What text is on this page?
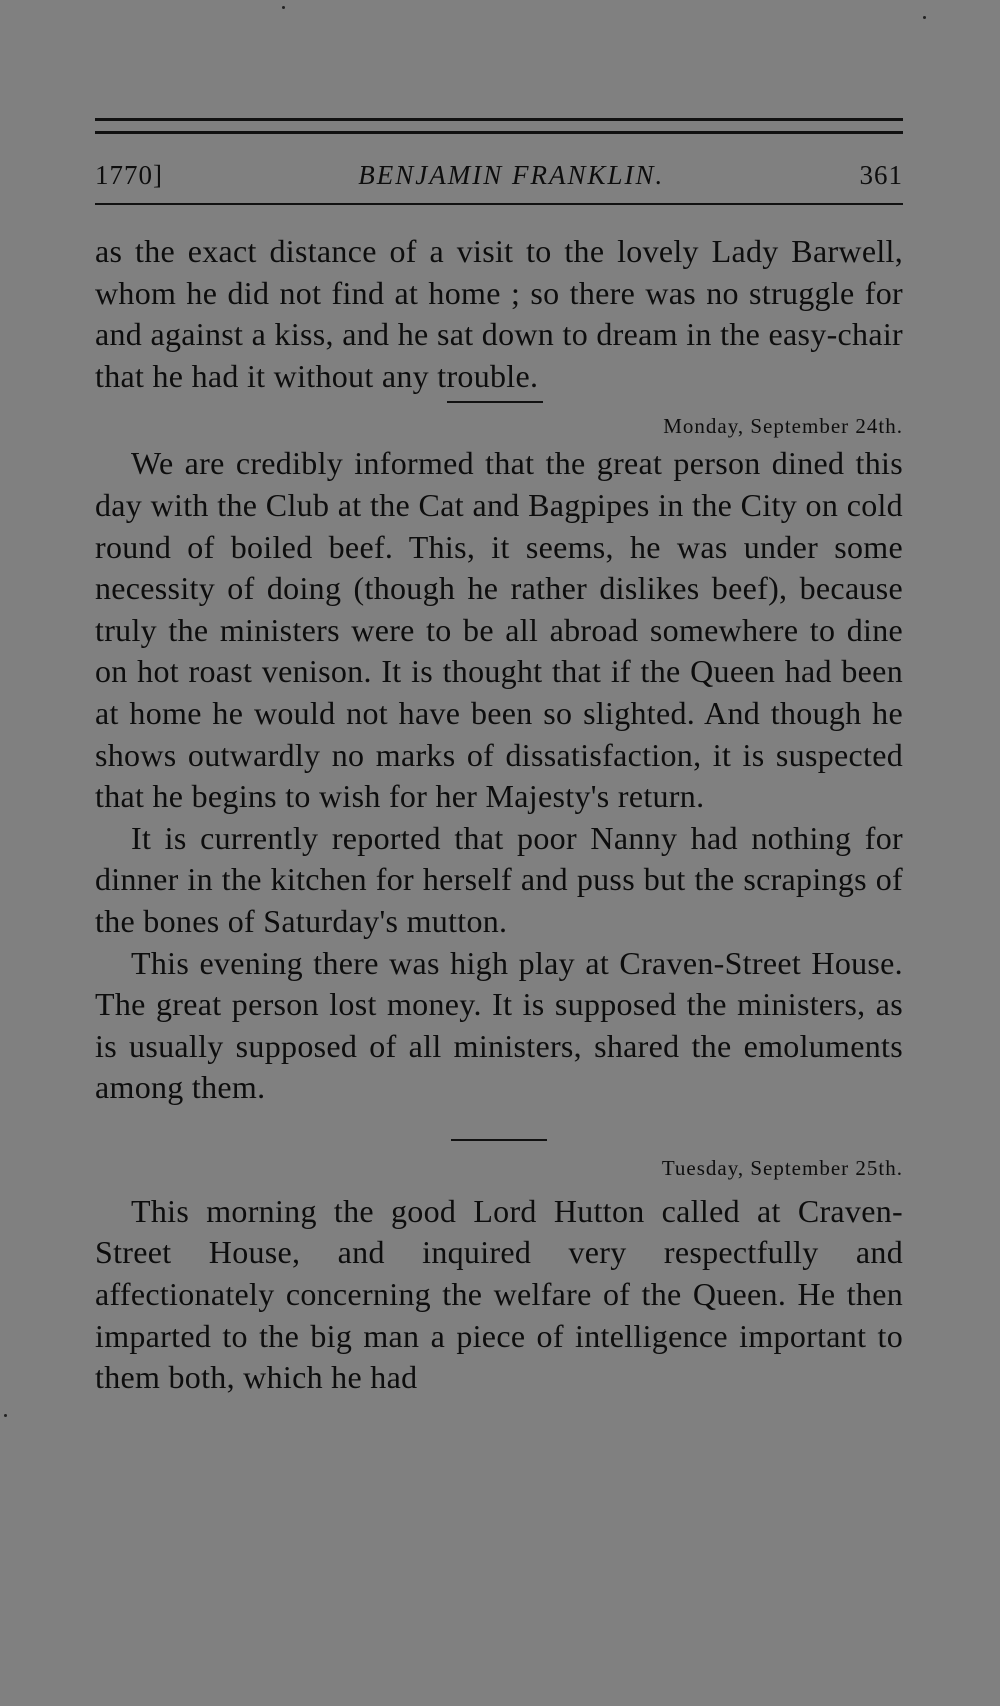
1770]	BENJAMIN FRANKLIN.	361

as the exact distance of a visit to the lovely Lady Barwell, whom he did not find at home ; so there was no struggle for and against a kiss, and he sat down to dream in the easy-chair that he had it without any trouble.

Monday, September 24th.

We are credibly informed that the great person dined this day with the Club at the Cat and Bagpipes in the City on cold round of boiled beef. This, it seems, he was under some necessity of doing (though he rather dislikes beef), because truly the ministers were to be all abroad somewhere to dine on hot roast venison. It is thought that if the Queen had been at home he would not have been so slighted. And though he shows outwardly no marks of dissatisfaction, it is suspected that he begins to wish for her Majesty's return.

It is currently reported that poor Nanny had nothing for dinner in the kitchen for herself and puss but the scrapings of the bones of Saturday's mutton.

This evening there was high play at Craven-Street House. The great person lost money. It is supposed the ministers, as is usually supposed of all ministers, shared the emoluments among them.

Tuesday, September 25th.

This morning the good Lord Hutton called at Craven-Street House, and inquired very respectfully and affectionately concerning the welfare of the Queen. He then imparted to the big man a piece of intelligence important to them both, which he had
